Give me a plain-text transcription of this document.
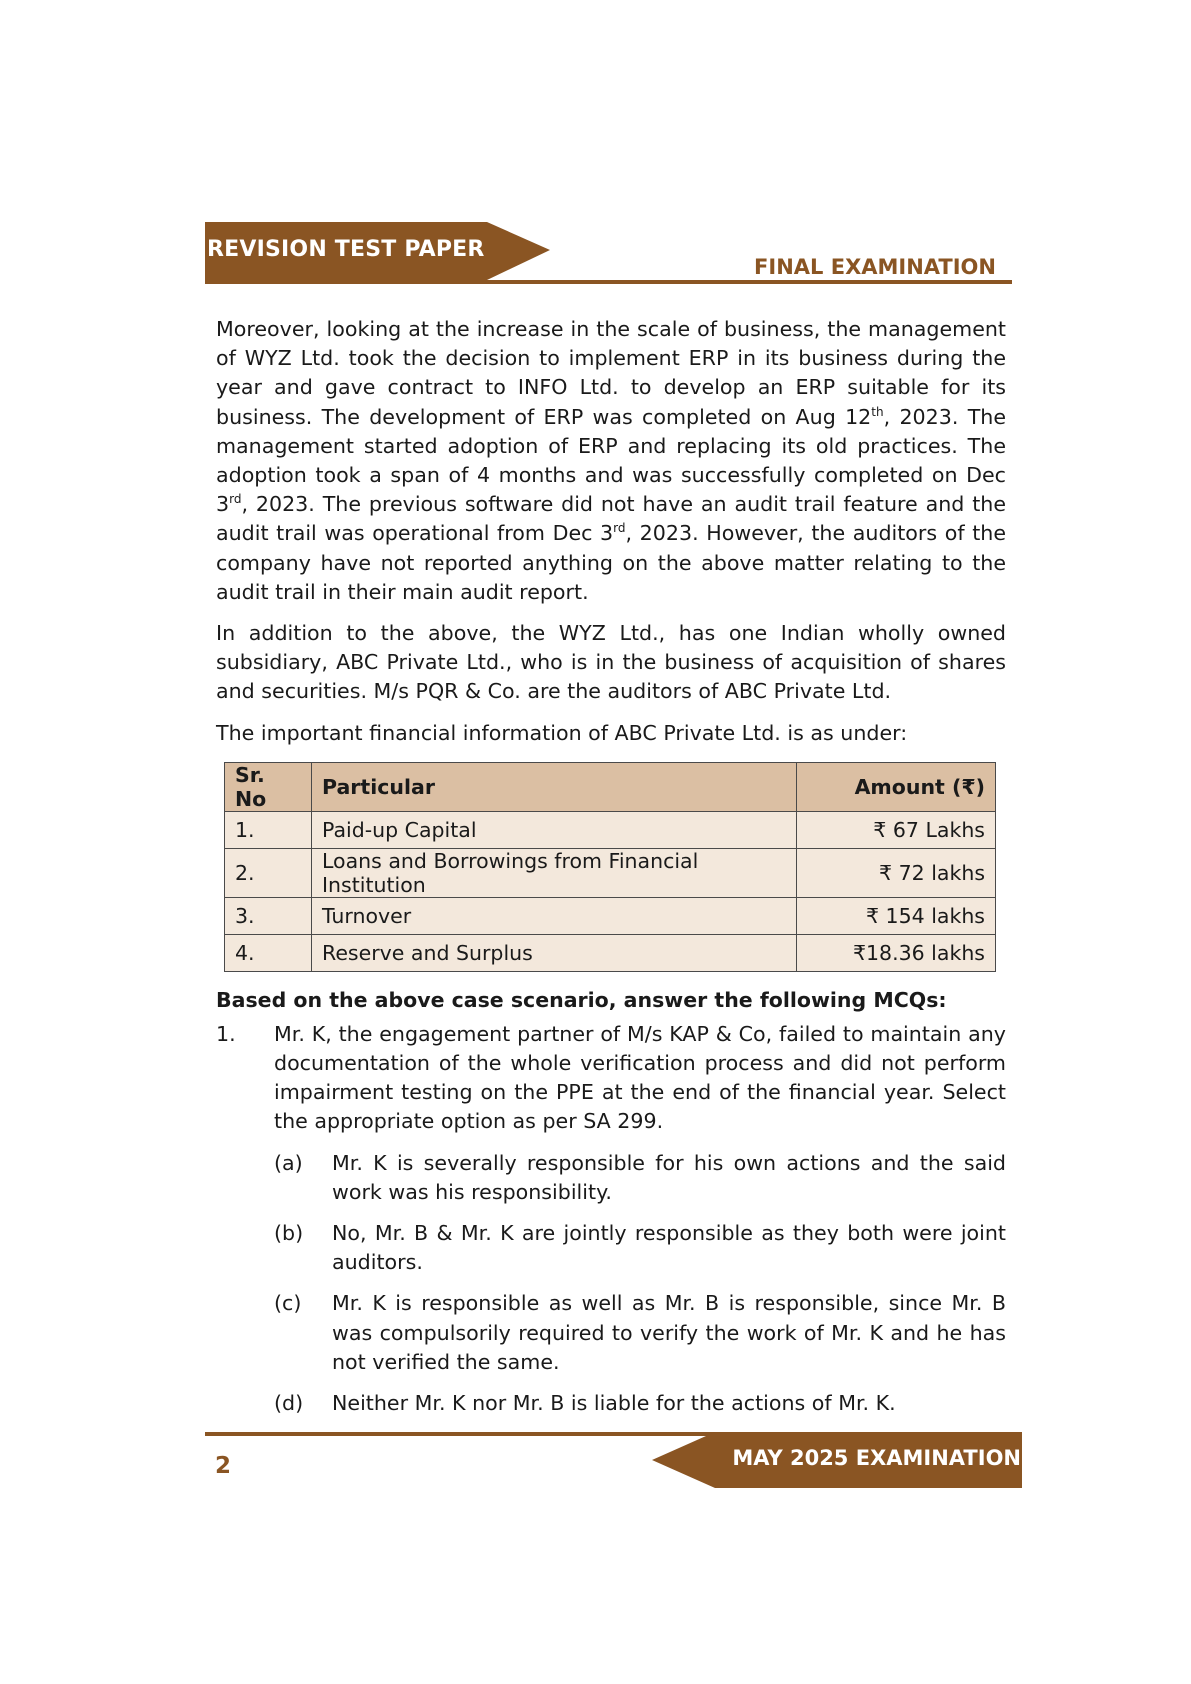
REVISION TEST PAPER
FINAL EXAMINATION

Moreover, looking at the increase in the scale of business, the management of WYZ Ltd. took the decision to implement ERP in its business during the year and gave contract to INFO Ltd. to develop an ERP suitable for its business. The development of ERP was completed on Aug 12th, 2023. The management started adoption of ERP and replacing its old practices. The adoption took a span of 4 months and was successfully completed on Dec 3rd, 2023. The previous software did not have an audit trail feature and the audit trail was operational from Dec 3rd, 2023. However, the auditors of the company have not reported anything on the above matter relating to the audit trail in their main audit report.

In addition to the above, the WYZ Ltd., has one Indian wholly owned subsidiary, ABC Private Ltd., who is in the business of acquisition of shares and securities. M/s PQR & Co. are the auditors of ABC Private Ltd.

The important financial information of ABC Private Ltd. is as under:

Sr. No	Particular	Amount (₹)
1.	Paid-up Capital	₹ 67 Lakhs
2.	Loans and Borrowings from Financial Institution	₹ 72 lakhs
3.	Turnover	₹ 154 lakhs
4.	Reserve and Surplus	₹18.36 lakhs
Based on the above case scenario, answer the following MCQs:
1.	Mr. K, the engagement partner of M/s KAP & Co, failed to maintain any documentation of the whole verification process and did not perform impairment testing on the PPE at the end of the financial year. Select the appropriate option as per SA 299.
(a)	Mr. K is severally responsible for his own actions and the said work was his responsibility.
(b)	No, Mr. B & Mr. K are jointly responsible as they both were joint auditors.
(c)	Mr. K is responsible as well as Mr. B is responsible, since Mr. B was compulsorily required to verify the work of Mr. K and he has not verified the same.
(d)	Neither Mr. K nor Mr. B is liable for the actions of Mr. K.
MAY 2025 EXAMINATION
2
